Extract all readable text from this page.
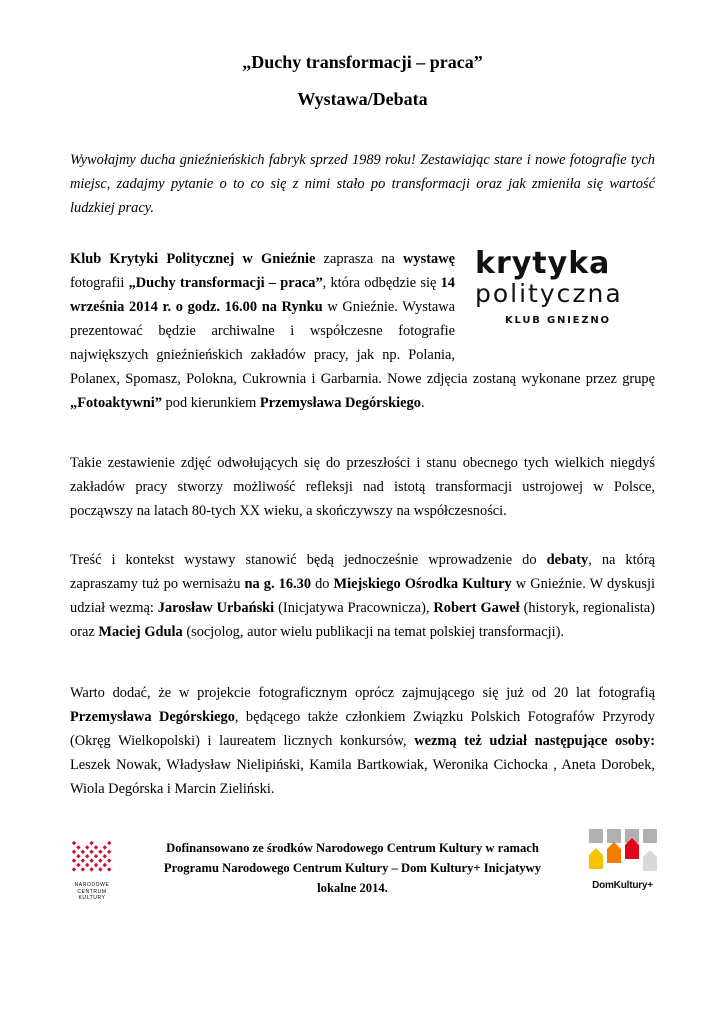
„Duchy transformacji – praca”
Wystawa/Debata

Wywołajmy ducha gnieźnieńskich fabryk sprzed 1989 roku! Zestawiając stare i nowe fotografie tych miejsc, zadajmy pytanie o to co się z nimi stało po transformacji oraz jak zmieniła się wartość ludzkiej pracy.

krytyka
polityczna
KLUB GNIEZNO

Klub Krytyki Politycznej w Gnieźnie zaprasza na wystawę fotografii „Duchy transformacji – praca”, która odbędzie się 14 września 2014 r. o godz. 16.00 na Rynku w Gnieźnie. Wystawa prezentować będzie archiwalne i współczesne fotografie największych gnieźnieńskich zakładów pracy, jak np. Polania, Polanex, Spomasz, Polokna, Cukrownia i Garbarnia. Nowe zdjęcia zostaną wykonane przez grupę „Fotoaktywni” pod kierunkiem Przemysława Degórskiego.

Takie zestawienie zdjęć odwołujących się do przeszłości i stanu obecnego tych wielkich niegdyś zakładów pracy stworzy możliwość refleksji nad istotą transformacji ustrojowej w Polsce, począwszy na latach 80-tych XX wieku, a skończywszy na współczesności.

Treść i kontekst wystawy stanowić będą jednocześnie wprowadzenie do debaty, na którą zapraszamy tuż po wernisażu na g. 16.30 do Miejskiego Ośrodka Kultury w Gnieźnie. W dyskusji udział wezmą: Jarosław Urbański (Inicjatywa Pracownicza), Robert Gaweł (historyk, regionalista) oraz Maciej Gdula (socjolog, autor wielu publikacji na temat polskiej transformacji).

Warto dodać, że w projekcie fotograficznym oprócz zajmującego się już od 20 lat fotografią Przemysława Degórskiego, będącego także członkiem Związku Polskich Fotografów Przyrody (Okręg Wielkopolski) i laureatem licznych konkursów, wezmą też udział następujące osoby: Leszek Nowak, Władysław Nielipiński, Kamila Bartkowiak, Weronika Cichocka , Aneta Dorobek, Wiola Degórska i Marcin Zieliński.

NARODOWE
CENTRUM
KULTURY

Dofinansowano ze środków Narodowego Centrum Kultury w ramach Programu Narodowego Centrum Kultury – Dom Kultury+ Inicjatywy lokalne 2014.	DomKultury+
